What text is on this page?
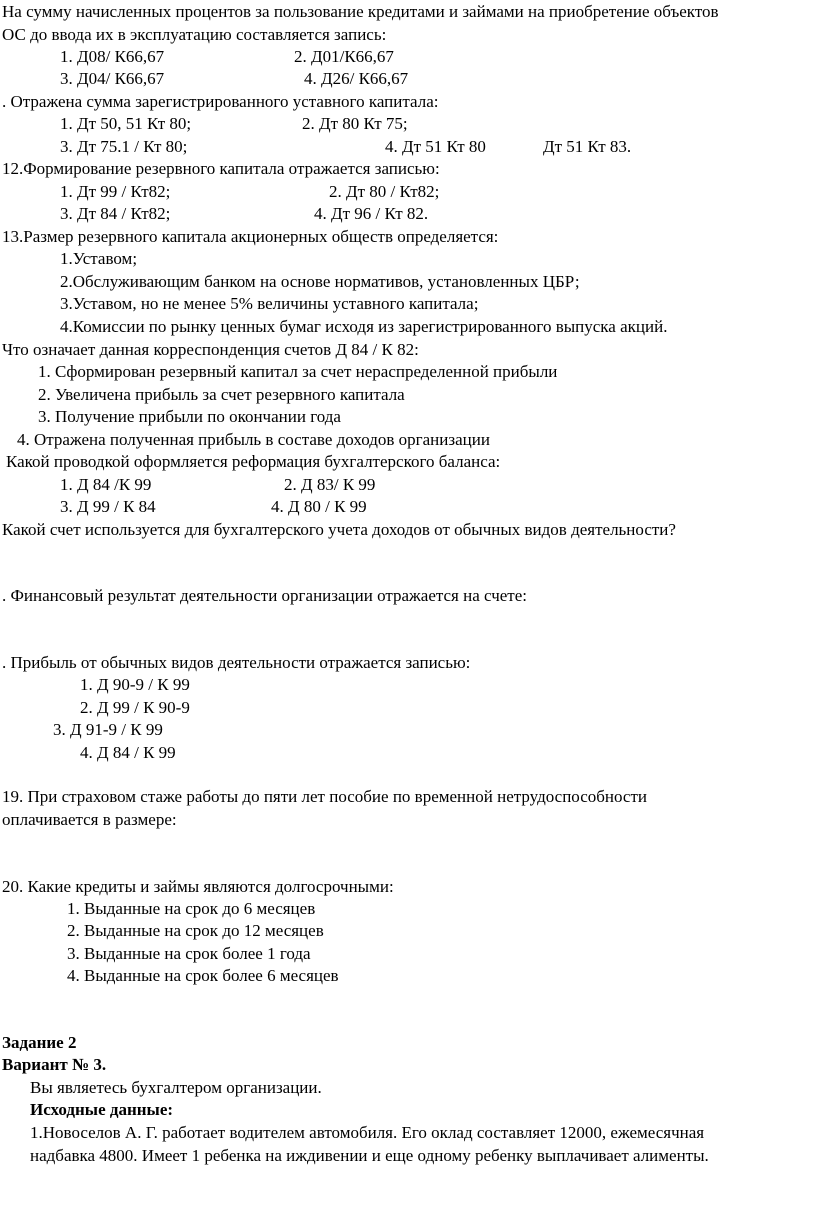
На сумму начисленных процентов за пользование кредитами и займами на приобретение объектов
ОС до ввода их в эксплуатацию составляется запись:
1. Д08/ К66,67	2. Д01/К66,67
3. Д04/ К66,67	4. Д26/ К66,67
. Отражена сумма зарегистрированного уставного капитала:
1. Дт 50, 51 Кт 80;	2. Дт 80 Кт 75;
3. Дт 75.1 / Кт 80;	4. Дт 51 Кт 80	Дт 51 Кт 83.
12.Формирование резервного капитала отражается записью:
1. Дт 99 / Кт82;	2. Дт 80 / Кт82;
3. Дт 84 / Кт82;	4. Дт 96 / Кт 82.
13.Размер резервного капитала акционерных обществ определяется:
1.Уставом;
2.Обслуживающим банком на основе нормативов, установленных ЦБР;
3.Уставом, но не менее 5% величины уставного капитала;
4.Комиссии по рынку ценных бумаг исходя из зарегистрированного выпуска акций.
Что означает данная корреспонденция счетов Д 84 / К 82:
1. Сформирован резервный капитал за счет нераспределенной прибыли
2. Увеличена прибыль за счет резервного капитала
3. Получение прибыли по окончании года
4. Отражена полученная прибыль в составе доходов организации
Какой проводкой оформляется реформация бухгалтерского баланса:
1. Д 84 /К 99	2. Д 83/ К 99
3. Д 99 / К 84	4. Д 80 / К 99
Какой счет используется для бухгалтерского учета доходов от обычных видов деятельности?
. Финансовый результат деятельности организации отражается на счете:
. Прибыль от обычных видов деятельности отражается записью:
1. Д 90-9 / К 99
2. Д 99 / К 90-9
3. Д 91-9 / К 99
4. Д 84 / К 99
19. При страховом стаже работы до пяти лет пособие по временной нетрудоспособности
оплачивается в размере:
20. Какие кредиты и займы являются долгосрочными:
1. Выданные на срок до 6 месяцев
2. Выданные на срок до 12 месяцев
3. Выданные на срок более 1 года
4. Выданные на срок более 6 месяцев
Задание 2
Вариант № 3.
Вы являетесь бухгалтером организации.
Исходные данные:
1.Новоселов А. Г. работает водителем автомобиля. Его оклад составляет 12000, ежемесячная
надбавка 4800. Имеет 1 ребенка на иждивении и еще одному ребенку выплачивает алименты.
